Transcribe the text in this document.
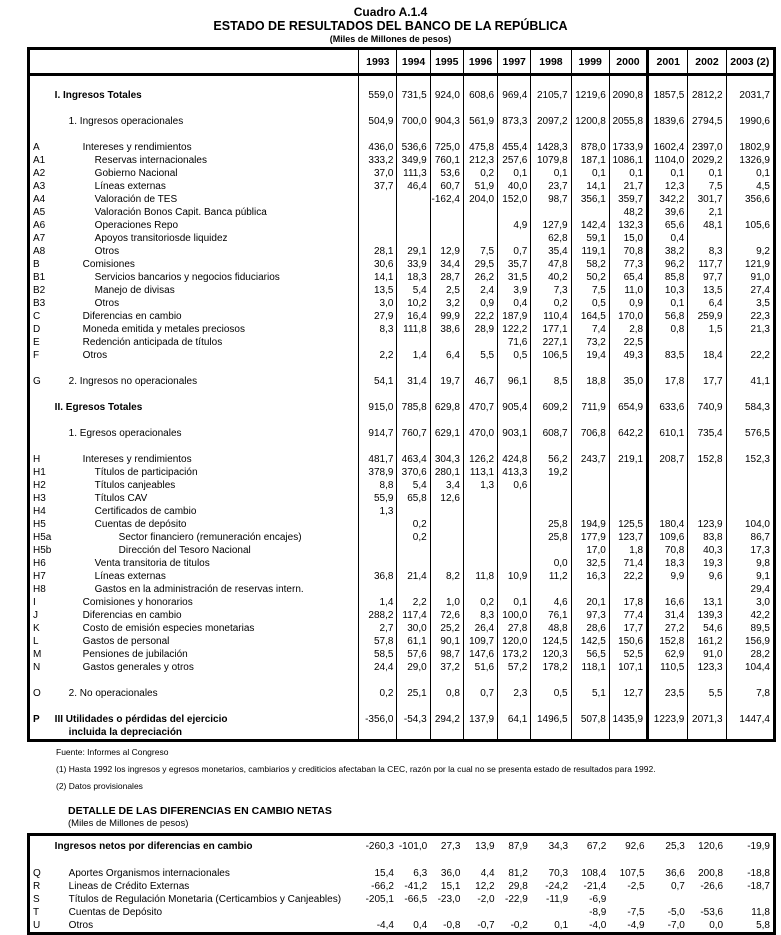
Cuadro A.1.4
ESTADO DE RESULTADOS DEL BANCO DE LA REPÚBLICA
(Miles de Millones de pesos)
		1993	1994	1995	1996	1997	1998	1999	2000	2001	2002	2003 (2)

	I. Ingresos Totales	559,0	731,5	924,0	608,6	969,4	2105,7	1219,6	2090,8	1857,5	2812,2	2031,7

	1. Ingresos operacionales	504,9	700,0	904,3	561,9	873,3	2097,2	1200,8	2055,8	1839,6	2794,5	1990,6

A	Intereses y rendimientos	436,0	536,6	725,0	475,8	455,4	1428,3	878,0	1733,9	1602,4	2397,0	1802,9
A1	Reservas internacionales	333,2	349,9	760,1	212,3	257,6	1079,8	187,1	1086,1	1104,0	2029,2	1326,9
A2	Gobierno Nacional	37,0	111,3	53,6	0,2	0,1	0,1	0,1	0,1	0,1	0,1	0,1
A3	Líneas externas	37,7	46,4	60,7	51,9	40,0	23,7	14,1	21,7	12,3	7,5	4,5
A4	Valoración de TES			-162,4	204,0	152,0	98,7	356,1	359,7	342,2	301,7	356,6
A5	Valoración Bonos Capit. Banca pública								48,2	39,6	2,1	
A6	Operaciones Repo					4,9	127,9	142,4	132,3	65,6	48,1	105,6
A7	Apoyos transitoriosde liquidez						62,8	59,1	15,0	0,4		
A8	Otros	28,1	29,1	12,9	7,5	0,7	35,4	119,1	70,8	38,2	8,3	9,2
B	Comisiones	30,6	33,9	34,4	29,5	35,7	47,8	58,2	77,3	96,2	117,7	121,9
B1	Servicios bancarios y negocios fiduciarios	14,1	18,3	28,7	26,2	31,5	40,2	50,2	65,4	85,8	97,7	91,0
B2	Manejo de divisas	13,5	5,4	2,5	2,4	3,9	7,3	7,5	11,0	10,3	13,5	27,4
B3	Otros	3,0	10,2	3,2	0,9	0,4	0,2	0,5	0,9	0,1	6,4	3,5
C	Diferencias en cambio	27,9	16,4	99,9	22,2	187,9	110,4	164,5	170,0	56,8	259,9	22,3
D	Moneda emitida y metales preciosos	8,3	111,8	38,6	28,9	122,2	177,1	7,4	2,8	0,8	1,5	21,3
E	Redención anticipada de títulos					71,6	227,1	73,2	22,5			
F	Otros	2,2	1,4	6,4	5,5	0,5	106,5	19,4	49,3	83,5	18,4	22,2

G	2. Ingresos no operacionales	54,1	31,4	19,7	46,7	96,1	8,5	18,8	35,0	17,8	17,7	41,1

	II. Egresos Totales	915,0	785,8	629,8	470,7	905,4	609,2	711,9	654,9	633,6	740,9	584,3

	1. Egresos operacionales	914,7	760,7	629,1	470,0	903,1	608,7	706,8	642,2	610,1	735,4	576,5

H	Intereses y rendimientos	481,7	463,4	304,3	126,2	424,8	56,2	243,7	219,1	208,7	152,8	152,3
H1	Títulos de participación	378,9	370,6	280,1	113,1	413,3	19,2					
H2	Títulos canjeables	8,8	5,4	3,4	1,3	0,6						
H3	Títulos CAV	55,9	65,8	12,6								
H4	Certificados de cambio	1,3										
H5	Cuentas de depósito		0,2				25,8	194,9	125,5	180,4	123,9	104,0
H5a	Sector financiero (remuneración encajes)		0,2				25,8	177,9	123,7	109,6	83,8	86,7
H5b	Dirección del Tesoro Nacional							17,0	1,8	70,8	40,3	17,3
H6	Venta transitoria de titulos						0,0	32,5	71,4	18,3	19,3	9,8
H7	Líneas externas	36,8	21,4	8,2	11,8	10,9	11,2	16,3	22,2	9,9	9,6	9,1
H8	Gastos en la administración de reservas intern.											29,4
I	Comisiones y honorarios	1,4	2,2	1,0	0,2	0,1	4,6	20,1	17,8	16,6	13,1	3,0
J	Diferencias en cambio	288,2	117,4	72,6	8,3	100,0	76,1	97,3	77,4	31,4	139,3	42,2
K	Costo de emisión especies monetarias	2,7	30,0	25,2	26,4	27,8	48,8	28,6	17,7	27,2	54,6	89,5
L	Gastos de personal	57,8	61,1	90,1	109,7	120,0	124,5	142,5	150,6	152,8	161,2	156,9
M	Pensiones de jubilación	58,5	57,6	98,7	147,6	173,2	120,3	56,5	52,5	62,9	91,0	28,2
N	Gastos generales y otros	24,4	29,0	37,2	51,6	57,2	178,2	118,1	107,1	110,5	123,3	104,4

O	2. No operacionales	0,2	25,1	0,8	0,7	2,3	0,5	5,1	12,7	23,5	5,5	7,8

P	III Utilidades o pérdidas del ejercicio	-356,0	-54,3	294,2	137,9	64,1	1496,5	507,8	1435,9	1223,9	2071,3	1447,4
	incluida la depreciación											
Fuente: Informes al Congreso
(1) Hasta 1992 los ingresos y egresos monetarios, cambiarios y crediticios afectaban la CEC, razón por la cual no se presenta estado de resultados para 1992.
(2) Datos provisionales
DETALLE DE LAS DIFERENCIAS EN CAMBIO NETAS
(Miles de Millones de pesos)
	Ingresos netos por diferencias en cambio	-260,3	-101,0	27,3	13,9	87,9	34,3	67,2	92,6	25,3	120,6	-19,9

Q	Aportes Organismos internacionales	15,4	6,3	36,0	4,4	81,2	70,3	108,4	107,5	36,6	200,8	-18,8
R	Lineas de Crédito Externas	-66,2	-41,2	15,1	12,2	29,8	-24,2	-21,4	-2,5	0,7	-26,6	-18,7
S	Títulos de Regulación Monetaria (Certicambios y Canjeables)	-205,1	-66,5	-23,0	-2,0	-22,9	-11,9	-6,9				
T	Cuentas de Depósito							-8,9	-7,5	-5,0	-53,6	11,8
U	Otros	-4,4	0,4	-0,8	-0,7	-0,2	0,1	-4,0	-4,9	-7,0	0,0	5,8
